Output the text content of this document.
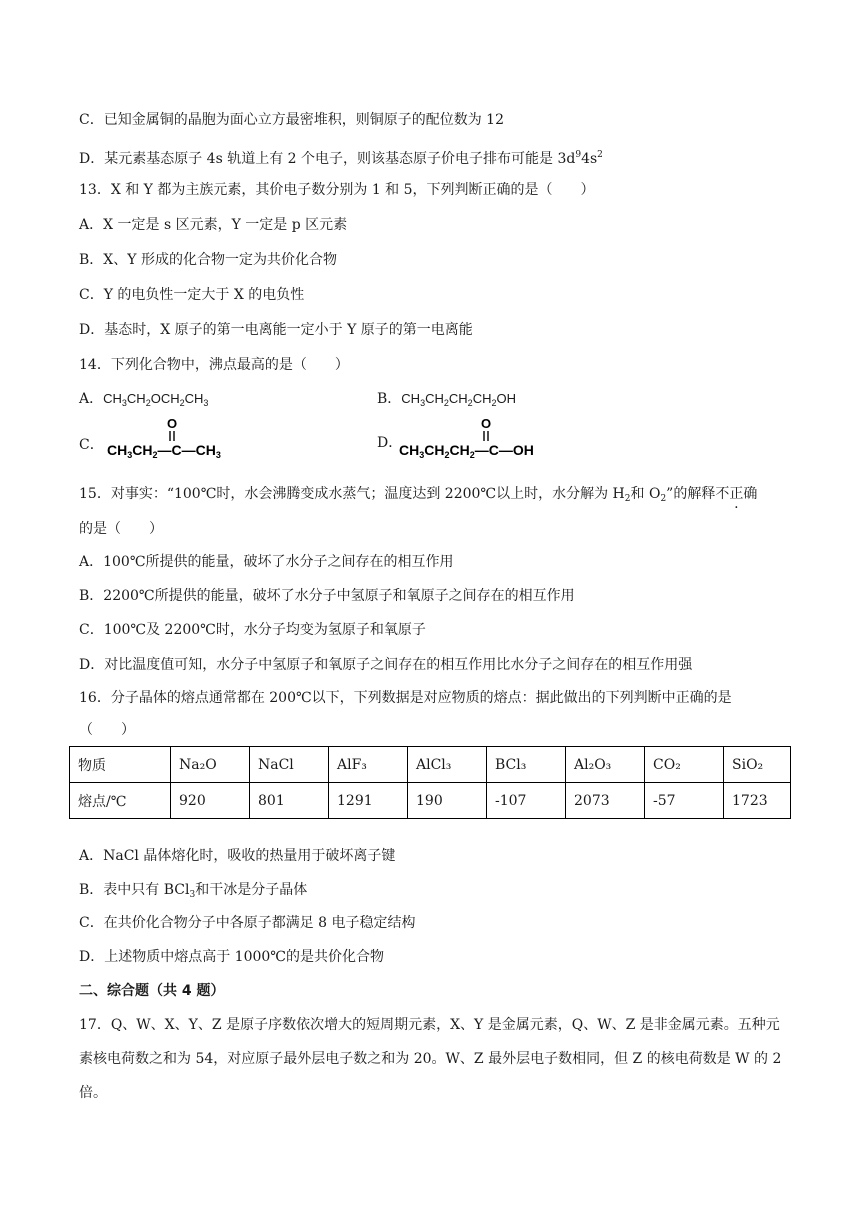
C．已知金属铜的晶胞为面心立方最密堆积，则铜原子的配位数为 12
D．某元素基态原子 4s 轨道上有 2 个电子，则该基态原子价电子排布可能是 $3d^94s^2$
13．X 和 Y 都为主族元素，其价电子数分别为 1 和 5，下列判断正确的是（　　）
A．X 一定是 s 区元素，Y 一定是 p 区元素
B．X、Y 形成的化合物一定为共价化合物
C．Y 的电负性一定大于 X 的电负性
D．基态时，X 原子的第一电离能一定小于 Y 原子的第一电离能
14．下列化合物中，沸点最高的是（　　）
A．$CH_3CH_2OCH_2CH_3$	B．$CH_3CH_2CH_2CH_2OH$
C．
O
$CH_3CH_2—C—CH_3$
D．
O
$CH_3CH_2CH_2—C—OH$
15．对事实：“100℃时，水会沸腾变成水蒸气；温度达到 2200℃以上时，水分解为 $H_2$和 $O_2$”的解释不正确
的是（　　）
A．100℃所提供的能量，破坏了水分子之间存在的相互作用
B．2200℃所提供的能量，破坏了水分子中氢原子和氧原子之间存在的相互作用
C．100℃及 2200℃时，水分子均变为氢原子和氧原子
D．对比温度值可知，水分子中氢原子和氧原子之间存在的相互作用比水分子之间存在的相互作用强
16．分子晶体的熔点通常都在 200℃以下，下列数据是对应物质的熔点：据此做出的下列判断中正确的是
（　　）
物质	Na₂O	NaCl	AlF₃	AlCl₃	BCl₃	Al₂O₃	CO₂	SiO₂
熔点/℃	920	801	1291	190	-107	2073	-57	1723
A．NaCl 晶体熔化时，吸收的热量用于破坏离子键
B．表中只有 BCl$_3$和干冰是分子晶体
C．在共价化合物分子中各原子都满足 8 电子稳定结构
D．上述物质中熔点高于 1000℃的是共价化合物
二、综合题（共 4 题）
17．Q、W、X、Y、Z 是原子序数依次增大的短周期元素，X、Y 是金属元素，Q、W、Z 是非金属元素。五种元素核电荷数之和为 54，对应原子最外层电子数之和为 20。W、Z 最外层电子数相同，但 Z 的核电荷数是 W 的 2 倍。
